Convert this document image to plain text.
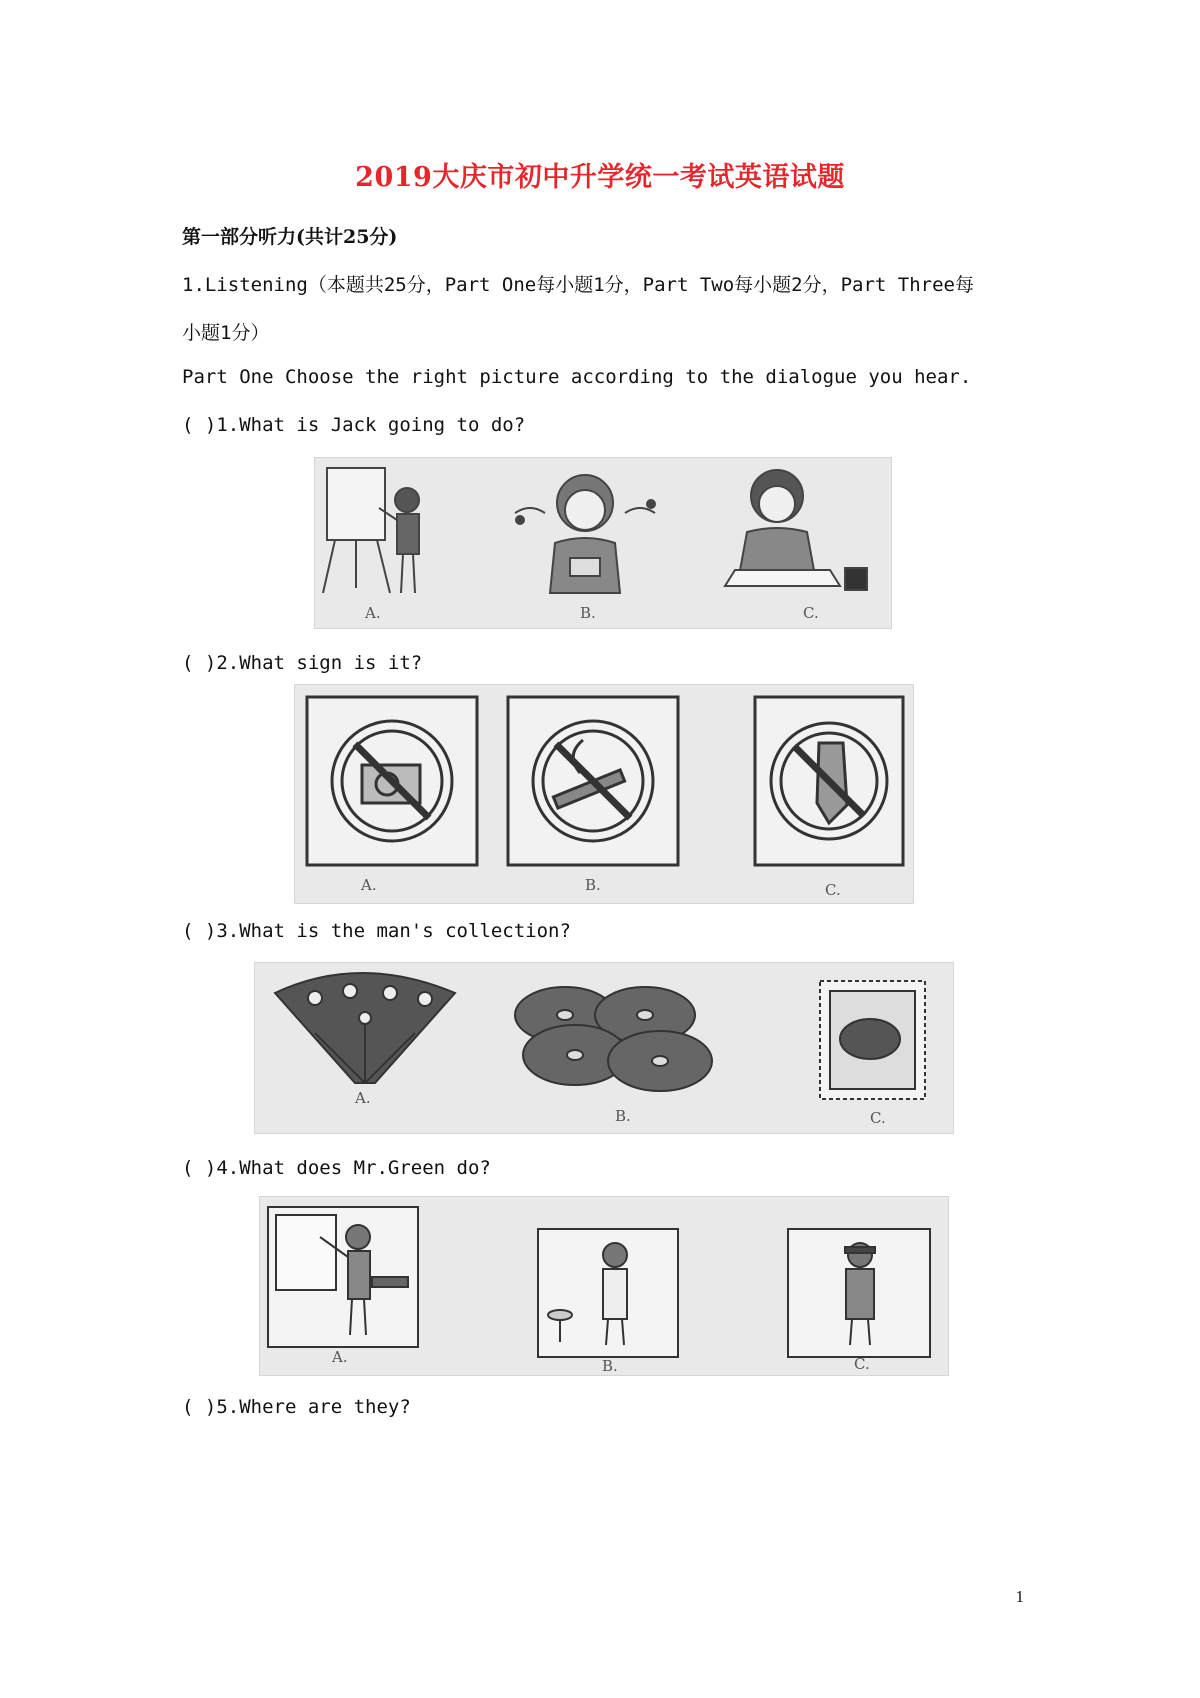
2019大庆市初中升学统一考试英语试题
第一部分听力(共计25分)
1.Listening（本题共25分，Part One每小题1分，Part Two每小题2分，Part Three每
小题1分）
Part One Choose the right picture according to the dialogue you hear.
( )1.What is Jack going to do?
A.	B.	C.
( )2.What sign is it?
A.	B.	C.
( )3.What is the man's collection?
A.
B.	C.
( )4.What does Mr.Green do?
A.	B.	C.
( )5.Where are they?
1
